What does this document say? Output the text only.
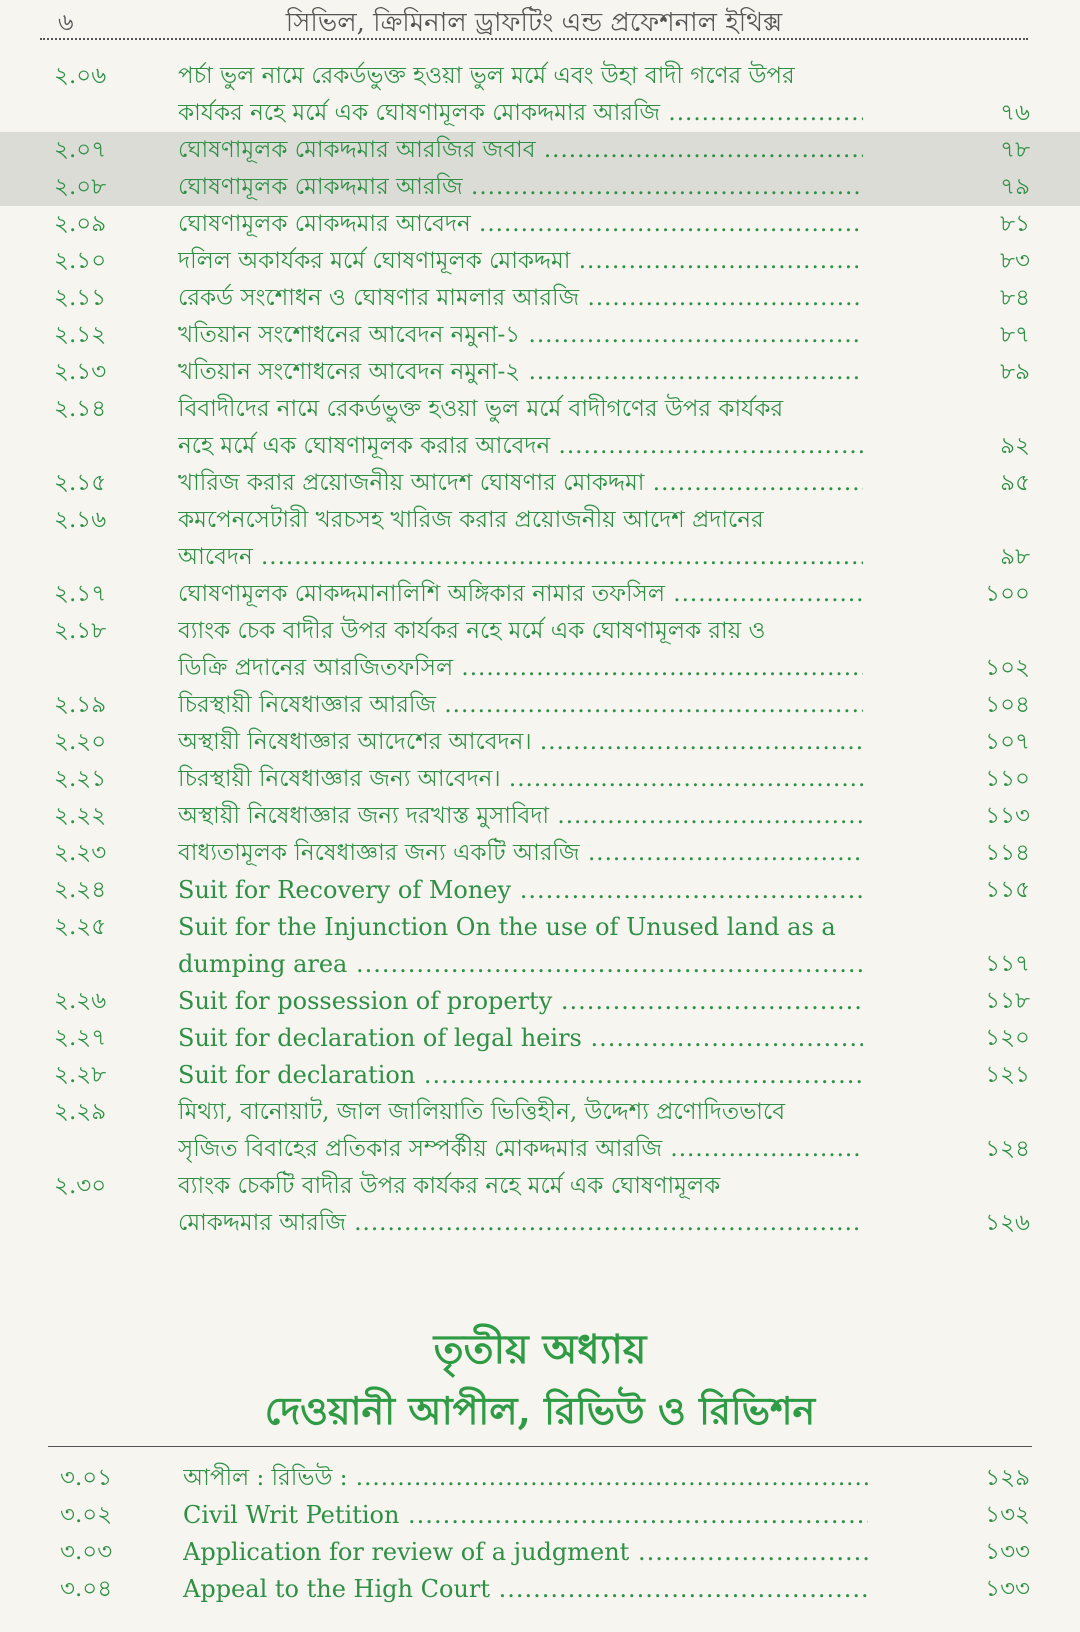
৬	সিভিল, ক্রিমিনাল ড্রাফটিং এন্ড প্রফেশনাল ইথিক্স
২.০৬	পর্চা ভুল নামে রেকর্ডভুক্ত হওয়া ভুল মর্মে এবং উহা বাদী গণের উপর
কার্যকর নহে মর্মে এক ঘোষণামূলক মোকদ্দমার আরজি .....	৭৬
২.০৭	ঘোষণামূলক মোকদ্দমার আরজির জবাব .....	৭৮
২.০৮	ঘোষণামূলক মোকদ্দমার আরজি .....	৭৯
২.০৯	ঘোষণামূলক মোকদ্দমার আবেদন .....	৮১
২.১০	দলিল অকার্যকর মর্মে ঘোষণামূলক মোকদ্দমা .....	৮৩
২.১১	রেকর্ড সংশোধন ও ঘোষণার মামলার আরজি .....	৮৪
২.১২	খতিয়ান সংশোধনের আবেদন নমুনা-১ .....	৮৭
২.১৩	খতিয়ান সংশোধনের আবেদন নমুনা-২ .....	৮৯
২.১৪	বিবাদীদের নামে রেকর্ডভুক্ত হওয়া ভুল মর্মে বাদীগণের উপর কার্যকর
নহে মর্মে এক ঘোষণামূলক করার আবেদন .....	৯২
২.১৫	খারিজ করার প্রয়োজনীয় আদেশ ঘোষণার মোকদ্দমা .....	৯৫
২.১৬	কমপেনসেটারী খরচসহ খারিজ করার প্রয়োজনীয় আদেশ প্রদানের
আবেদন .....	৯৮
২.১৭	ঘোষণামূলক মোকদ্দমানালিশি অঙ্গিকার নামার তফসিল .....	১০০
২.১৮	ব্যাংক চেক বাদীর উপর কার্যকর নহে মর্মে এক ঘোষণামূলক রায় ও
ডিক্রি প্রদানের আরজিতফসিল .....	১০২
২.১৯	চিরস্থায়ী নিষেধাজ্ঞার আরজি .....	১০৪
২.২০	অস্থায়ী নিষেধাজ্ঞার আদেশের আবেদন। .....	১০৭
২.২১	চিরস্থায়ী নিষেধাজ্ঞার জন্য আবেদন। .....	১১০
২.২২	অস্থায়ী নিষেধাজ্ঞার জন্য দরখাস্ত মুসাবিদা .....	১১৩
২.২৩	বাধ্যতামূলক নিষেধাজ্ঞার জন্য একটি আরজি .....	১১৪
২.২৪	Suit for Recovery of Money .....	১১৫
২.২৫	Suit for the Injunction On the use of Unused land as a
dumping area .....	১১৭
২.২৬	Suit for possession of property .....	১১৮
২.২৭	Suit for declaration of legal heirs .....	১২০
২.২৮	Suit for declaration .....	১২১
২.২৯	মিথ্যা, বানোয়াট, জাল জালিয়াতি ভিত্তিহীন, উদ্দেশ্য প্রণোদিতভাবে
সৃজিত বিবাহের প্রতিকার সম্পর্কীয় মোকদ্দমার আরজি .....	১২৪
২.৩০	ব্যাংক চেকটি বাদীর উপর কার্যকর নহে মর্মে এক ঘোষণামূলক
মোকদ্দমার আরজি .....	১২৬
তৃতীয় অধ্যায়
দেওয়ানী আপীল, রিভিউ ও রিভিশন
৩.০১	আপীল : রিভিউ : .....	১২৯
৩.০২	Civil Writ Petition .....	১৩২
৩.০৩	Application for review of a judgment .....	১৩৩
৩.০৪	Appeal to the High Court .....	১৩৩
